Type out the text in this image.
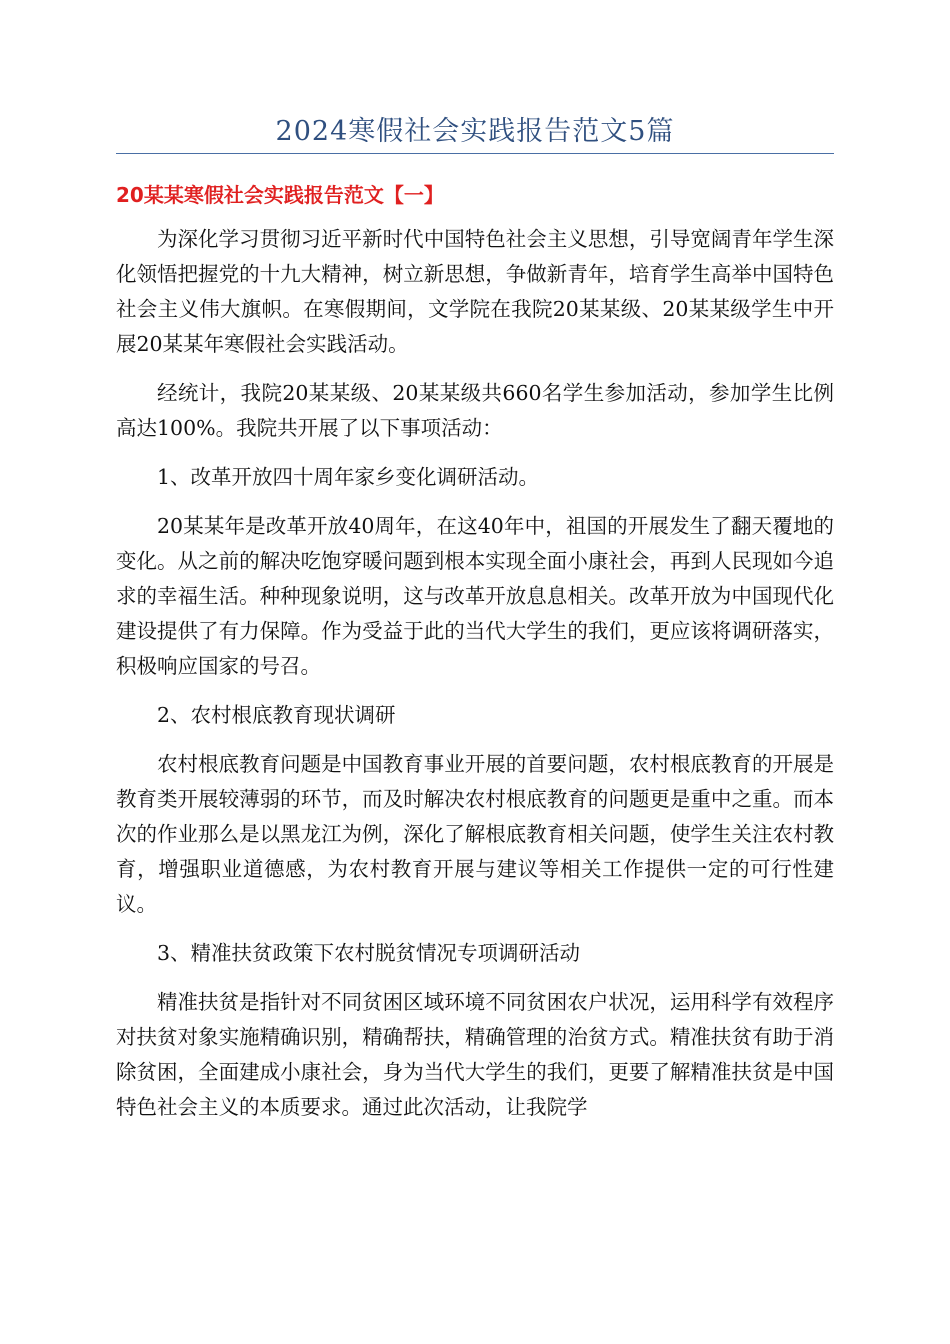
2024寒假社会实践报告范文5篇
20某某寒假社会实践报告范文【一】

为深化学习贯彻习近平新时代中国特色社会主义思想，引导宽阔青年学生深化领悟把握党的十九大精神，树立新思想，争做新青年，培育学生高举中国特色社会主义伟大旗帜。在寒假期间，文学院在我院20某某级、20某某级学生中开展20某某年寒假社会实践活动。

经统计，我院20某某级、20某某级共660名学生参加活动，参加学生比例高达100%。我院共开展了以下事项活动：

1、改革开放四十周年家乡变化调研活动。

20某某年是改革开放40周年，在这40年中，祖国的开展发生了翻天覆地的变化。从之前的解决吃饱穿暖问题到根本实现全面小康社会，再到人民现如今追求的幸福生活。种种现象说明，这与改革开放息息相关。改革开放为中国现代化建设提供了有力保障。作为受益于此的当代大学生的我们，更应该将调研落实，积极响应国家的号召。

2、农村根底教育现状调研

农村根底教育问题是中国教育事业开展的首要问题，农村根底教育的开展是教育类开展较薄弱的环节，而及时解决农村根底教育的问题更是重中之重。而本次的作业那么是以黑龙江为例，深化了解根底教育相关问题，使学生关注农村教育，增强职业道德感，为农村教育开展与建议等相关工作提供一定的可行性建议。

3、精准扶贫政策下农村脱贫情况专项调研活动

精准扶贫是指针对不同贫困区域环境不同贫困农户状况，运用科学有效程序对扶贫对象实施精确识别，精确帮扶，精确管理的治贫方式。精准扶贫有助于消除贫困，全面建成小康社会，身为当代大学生的我们，更要了解精准扶贫是中国特色社会主义的本质要求。通过此次活动，让我院学
